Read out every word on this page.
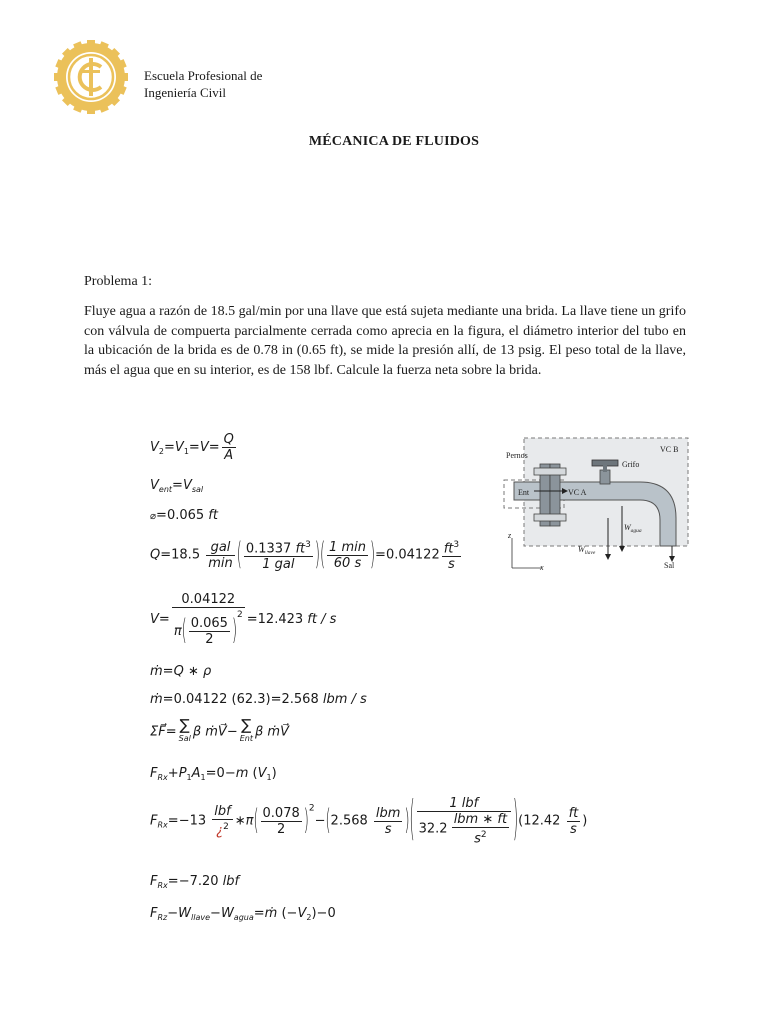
Escuela Profesional de
Ingeniería Civil
MÉCANICA DE FLUIDOS
Problema 1:
Fluye agua a razón de 18.5 gal/min por una llave que está sujeta mediante una brida. La llave tiene un grifo con válvula de compuerta parcialmente cerrada como aprecia en la figura, el diámetro interior del tubo en la ubicación de la brida es de 0.78 in (0.65 ft), se mide la presión allí, de 13 psig. El peso total de la llave, más el agua que en su interior, es de 158 lbf. Calcule la fuerza neta sobre la brida.
Pernos
Grifo
VC B
Ent	VC A
$W_{agua}$
$W_{llave}$
Sal
z
x
$V_2=V_1=V= \frac{Q}{A}$
$V_{ent}=V_{sal}$
⌀=0.065 ft
$Q=18.5 \frac{\text{gal}}{\min}$ ( $\frac{0.1337 ft^3}{\text{1 gal}}$ )( $\frac{1 \min}{60 s} )=0.04122 \frac{ft^3}{s}$
$V= \frac{0.04122}{\pi( \frac{0.065}{2} )^2} =12.423$ ft / s
ṁ=Q ∗ ρ
ṁ=0.04122 (62.3)=2.568 lbm / s
ΣF⃗= ∑
Sal β ṁV⃗− ∑
Ent β ṁV⃗
$F_{Rx}+P_1A_1=0-m$ $(V_1)$
$F_{Rx}=-13 \frac{\text{lbf}}{¿^2}$ ∗π( $\frac{0.078}{2} )^2-(2.568 \frac{\text{lbm}}{s}$ )( $\frac{\text{1 lbf}}{32.2 \frac{\text{lbm ∗ ft}}{s^2}} )(12.42 \frac{ft}{s}$ )
$F_{Rx}=-7.20$ lbf
$F_{Rz}-W_{llave}-W_{agua}=ṁ$ $(-V_2)-0$
